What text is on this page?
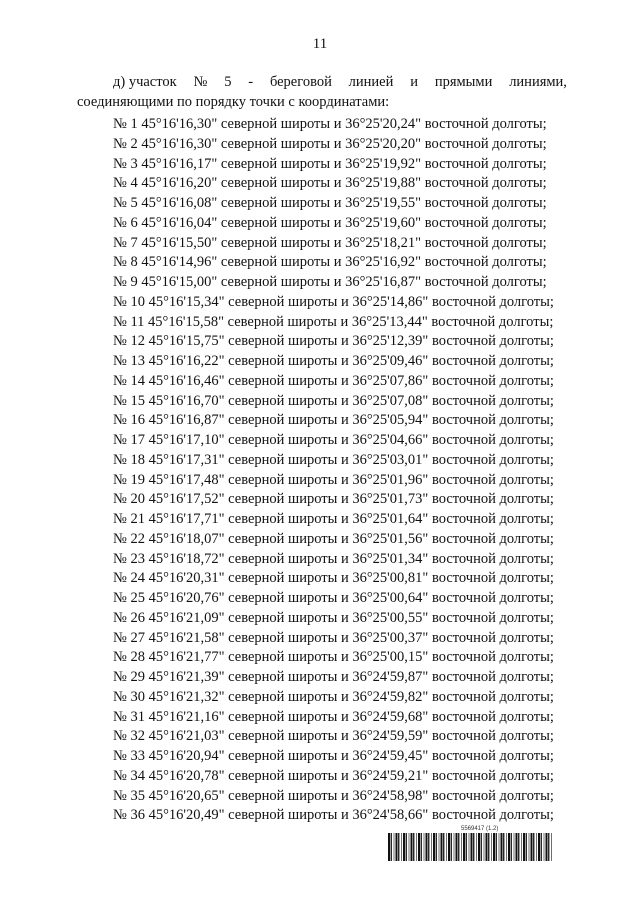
11
д) участок № 5 - береговой линией и прямыми линиями,
соединяющими по порядку точки с координатами:
№ 1 45°16'16,30" северной широты и 36°25'20,24" восточной долготы;
№ 2 45°16'16,30" северной широты и 36°25'20,20" восточной долготы;
№ 3 45°16'16,17" северной широты и 36°25'19,92" восточной долготы;
№ 4 45°16'16,20" северной широты и 36°25'19,88" восточной долготы;
№ 5 45°16'16,08" северной широты и 36°25'19,55" восточной долготы;
№ 6 45°16'16,04" северной широты и 36°25'19,60" восточной долготы;
№ 7 45°16'15,50" северной широты и 36°25'18,21" восточной долготы;
№ 8 45°16'14,96" северной широты и 36°25'16,92" восточной долготы;
№ 9 45°16'15,00" северной широты и 36°25'16,87" восточной долготы;
№ 10 45°16'15,34" северной широты и 36°25'14,86" восточной долготы;
№ 11 45°16'15,58" северной широты и 36°25'13,44" восточной долготы;
№ 12 45°16'15,75" северной широты и 36°25'12,39" восточной долготы;
№ 13 45°16'16,22" северной широты и 36°25'09,46" восточной долготы;
№ 14 45°16'16,46" северной широты и 36°25'07,86" восточной долготы;
№ 15 45°16'16,70" северной широты и 36°25'07,08" восточной долготы;
№ 16 45°16'16,87" северной широты и 36°25'05,94" восточной долготы;
№ 17 45°16'17,10" северной широты и 36°25'04,66" восточной долготы;
№ 18 45°16'17,31" северной широты и 36°25'03,01" восточной долготы;
№ 19 45°16'17,48" северной широты и 36°25'01,96" восточной долготы;
№ 20 45°16'17,52" северной широты и 36°25'01,73" восточной долготы;
№ 21 45°16'17,71" северной широты и 36°25'01,64" восточной долготы;
№ 22 45°16'18,07" северной широты и 36°25'01,56" восточной долготы;
№ 23 45°16'18,72" северной широты и 36°25'01,34" восточной долготы;
№ 24 45°16'20,31" северной широты и 36°25'00,81" восточной долготы;
№ 25 45°16'20,76" северной широты и 36°25'00,64" восточной долготы;
№ 26 45°16'21,09" северной широты и 36°25'00,55" восточной долготы;
№ 27 45°16'21,58" северной широты и 36°25'00,37" восточной долготы;
№ 28 45°16'21,77" северной широты и 36°25'00,15" восточной долготы;
№ 29 45°16'21,39" северной широты и 36°24'59,87" восточной долготы;
№ 30 45°16'21,32" северной широты и 36°24'59,82" восточной долготы;
№ 31 45°16'21,16" северной широты и 36°24'59,68" восточной долготы;
№ 32 45°16'21,03" северной широты и 36°24'59,59" восточной долготы;
№ 33 45°16'20,94" северной широты и 36°24'59,45" восточной долготы;
№ 34 45°16'20,78" северной широты и 36°24'59,21" восточной долготы;
№ 35 45°16'20,65" северной широты и 36°24'58,98" восточной долготы;
№ 36 45°16'20,49" северной широты и 36°24'58,66" восточной долготы;
5569417 (1.2)
